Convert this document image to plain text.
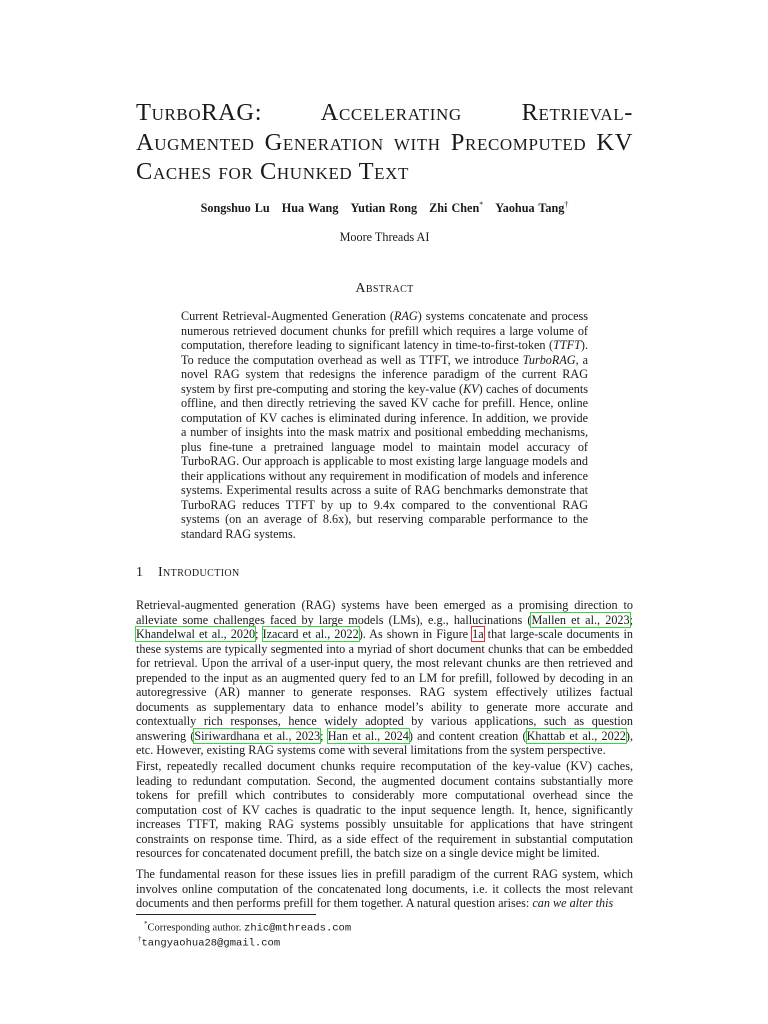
TurboRAG: Accelerating Retrieval-Augmented Generation with Precomputed KV Caches for Chunked Text
Songshuo Lu Hua Wang Yutian Rong Zhi Chen* Yaohua Tang†
Moore Threads AI
Abstract

Current Retrieval-Augmented Generation (RAG) systems concatenate and process numerous retrieved document chunks for prefill which requires a large volume of computation, therefore leading to significant latency in time-to-first-token (TTFT). To reduce the computation overhead as well as TTFT, we introduce TurboRAG, a novel RAG system that redesigns the inference paradigm of the current RAG system by first pre-computing and storing the key-value (KV) caches of documents offline, and then directly retrieving the saved KV cache for prefill. Hence, online computation of KV caches is eliminated during inference. In addition, we provide a number of insights into the mask matrix and positional embedding mechanisms, plus fine-tune a pretrained language model to maintain model accuracy of TurboRAG. Our approach is applicable to most existing large language models and their applications without any requirement in modification of models and inference systems. Experimental results across a suite of RAG benchmarks demonstrate that TurboRAG reduces TTFT by up to 9.4x compared to the conventional RAG systems (on an average of 8.6x), but reserving comparable performance to the standard RAG systems.

1 Introduction

Retrieval-augmented generation (RAG) systems have been emerged as a promising direction to alleviate some challenges faced by large models (LMs), e.g., hallucinations (Mallen et al., 2023; Khandelwal et al., 2020; Izacard et al., 2022). As shown in Figure 1a that large-scale documents in these systems are typically segmented into a myriad of short document chunks that can be embedded for retrieval. Upon the arrival of a user-input query, the most relevant chunks are then retrieved and prepended to the input as an augmented query fed to an LM for prefill, followed by decoding in an autoregressive (AR) manner to generate responses. RAG system effectively utilizes factual documents as supplementary data to enhance model’s ability to generate more accurate and contextually rich responses, hence widely adopted by various applications, such as question answering (Siriwardhana et al., 2023; Han et al., 2024) and content creation (Khattab et al., 2022), etc. However, existing RAG systems come with several limitations from the system perspective.

First, repeatedly recalled document chunks require recomputation of the key-value (KV) caches, leading to redundant computation. Second, the augmented document contains substantially more tokens for prefill which contributes to considerably more computational overhead since the computation cost of KV caches is quadratic to the input sequence length. It, hence, significantly increases TTFT, making RAG systems possibly unsuitable for applications that have stringent constraints on response time. Third, as a side effect of the requirement in substantial computation resources for concatenated document prefill, the batch size on a single device might be limited.

The fundamental reason for these issues lies in prefill paradigm of the current RAG system, which involves online computation of the concatenated long documents, i.e. it collects the most relevant documents and then performs prefill for them together. A natural question arises: can we alter this

*Corresponding author. zhic@mthreads.com
†tangyaohua28@gmail.com
